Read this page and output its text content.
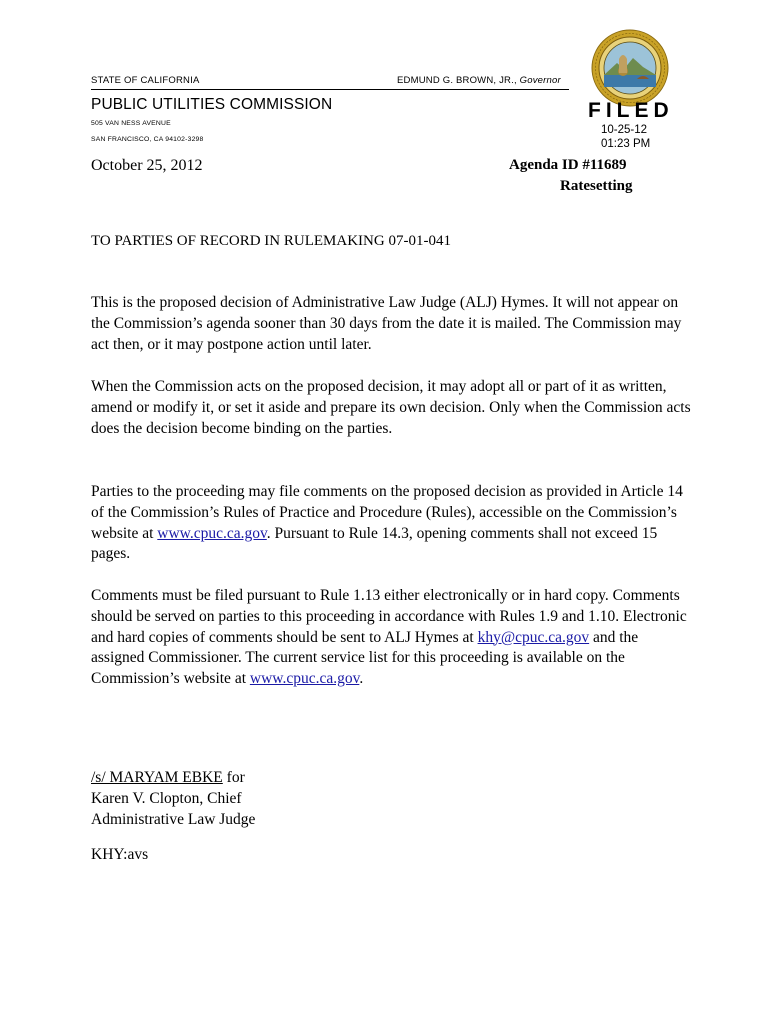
STATE OF CALIFORNIA	EDMUND G. BROWN, JR., Governor
PUBLIC UTILITIES COMMISSION
505 VAN NESS AVENUE
SAN FRANCISCO, CA 94102-3298
FILED
10-25-12
01:23 PM
October 25, 2012	Agenda ID #11689
Ratesetting
TO PARTIES OF RECORD IN RULEMAKING 07-01-041

This is the proposed decision of Administrative Law Judge (ALJ) Hymes. It will not appear on the Commission’s agenda sooner than 30 days from the date it is mailed. The Commission may act then, or it may postpone action until later.

When the Commission acts on the proposed decision, it may adopt all or part of it as written, amend or modify it, or set it aside and prepare its own decision. Only when the Commission acts does the decision become binding on the parties.

Parties to the proceeding may file comments on the proposed decision as provided in Article 14 of the Commission’s Rules of Practice and Procedure (Rules), accessible on the Commission’s website at www.cpuc.ca.gov. Pursuant to Rule 14.3, opening comments shall not exceed 15 pages.

Comments must be filed pursuant to Rule 1.13 either electronically or in hard copy. Comments should be served on parties to this proceeding in accordance with Rules 1.9 and 1.10. Electronic and hard copies of comments should be sent to ALJ Hymes at khy@cpuc.ca.gov and the assigned Commissioner. The current service list for this proceeding is available on the Commission’s website at www.cpuc.ca.gov.

/s/ MARYAM EBKE for
Karen V. Clopton, Chief
Administrative Law Judge
KHY:avs
